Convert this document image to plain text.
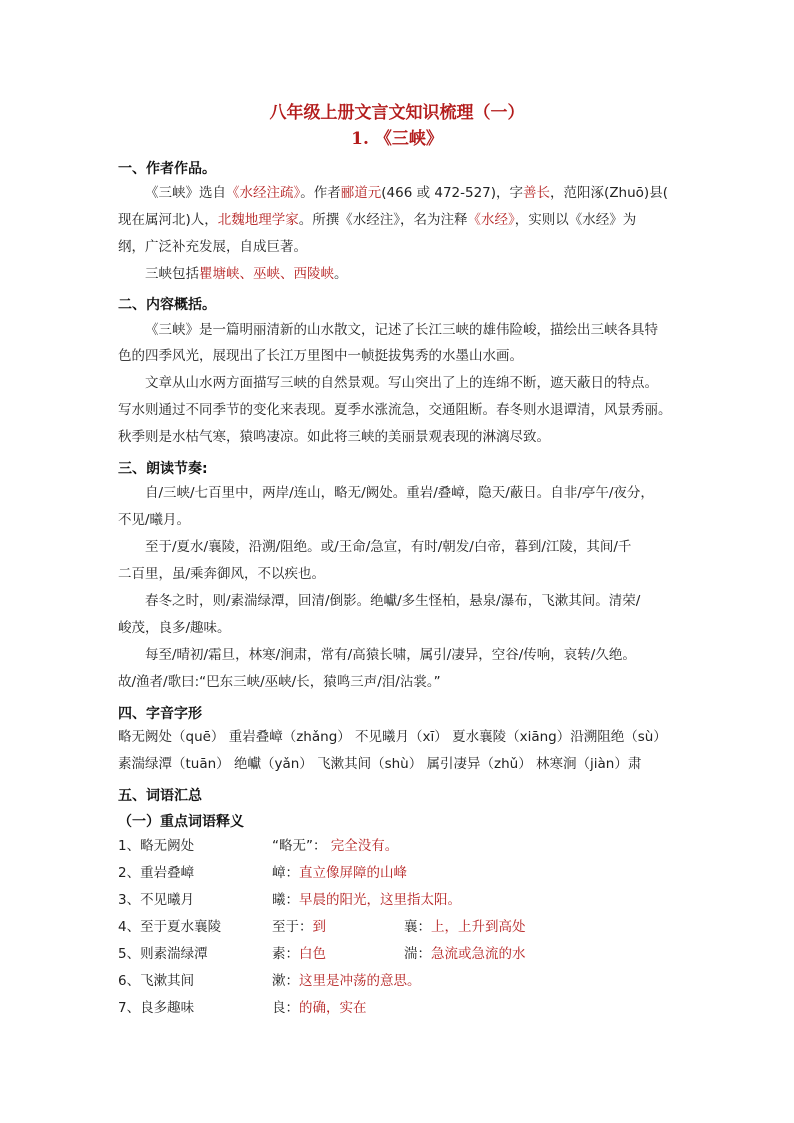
八年级上册文言文知识梳理（一）
1. 《三峡》
一、作者作品。
《三峡》选自《水经注疏》。作者郦道元(466 或 472-527)，字善长，范阳涿(Zhuō)县(
现在属河北)人，北魏地理学家。所撰《水经注》，名为注释《水经》，实则以《水经》为
纲，广泛补充发展，自成巨著。
三峡包括瞿塘峡、巫峡、西陵峡。
二、内容概括。
《三峡》是一篇明丽清新的山水散文，记述了长江三峡的雄伟险峻，描绘出三峡各具特
色的四季风光，展现出了长江万里图中一帧挺拔隽秀的水墨山水画。
文章从山水两方面描写三峡的自然景观。写山突出了上的连绵不断，遮天蔽日的特点。
写水则通过不同季节的变化来表现。夏季水涨流急，交通阻断。春冬则水退谭清，风景秀丽。
秋季则是水枯气寒，猿鸣凄凉。如此将三峡的美丽景观表现的淋漓尽致。
三、朗读节奏:
自/三峡/七百里中，两岸/连山，略无/阙处。重岩/叠嶂，隐天/蔽日。自非/亭午/夜分，
不见/曦月。
至于/夏水/襄陵，沿溯/阻绝。或/王命/急宣，有时/朝发/白帝，暮到/江陵，其间/千
二百里，虽/乘奔御风，不以疾也。
春冬之时，则/素湍绿潭，回清/倒影。绝巘/多生怪柏，悬泉/瀑布，飞漱其间。清荣/
峻茂，良多/趣味。
每至/晴初/霜旦，林寒/涧肃，常有/高猿长啸，属引/凄异，空谷/传响，哀转/久绝。
故/渔者/歌曰:“巴东三峡/巫峡/长，猿鸣三声/泪/沾裳。”
四、字音字形
略无阙处（quē） 重岩叠嶂（zhǎng） 不见曦月（xī） 夏水襄陵（xiāng）沿溯阻绝（sù）
素湍绿潭（tuān） 绝巘（yǎn） 飞漱其间（shù） 属引凄异（zhǔ） 林寒涧（jiàn）肃
五、词语汇总
（一）重点词语释义
1、略无阙处	“略无”： 完全没有。
2、重岩叠嶂	嶂：直立像屏障的山峰
3、不见曦月	曦：早晨的阳光，这里指太阳。
4、至于夏水襄陵	至于：到	襄：上，上升到高处
5、则素湍绿潭	素：白色	湍：急流或急流的水
6、飞漱其间	漱：这里是冲荡的意思。
7、良多趣味	良：的确，实在
